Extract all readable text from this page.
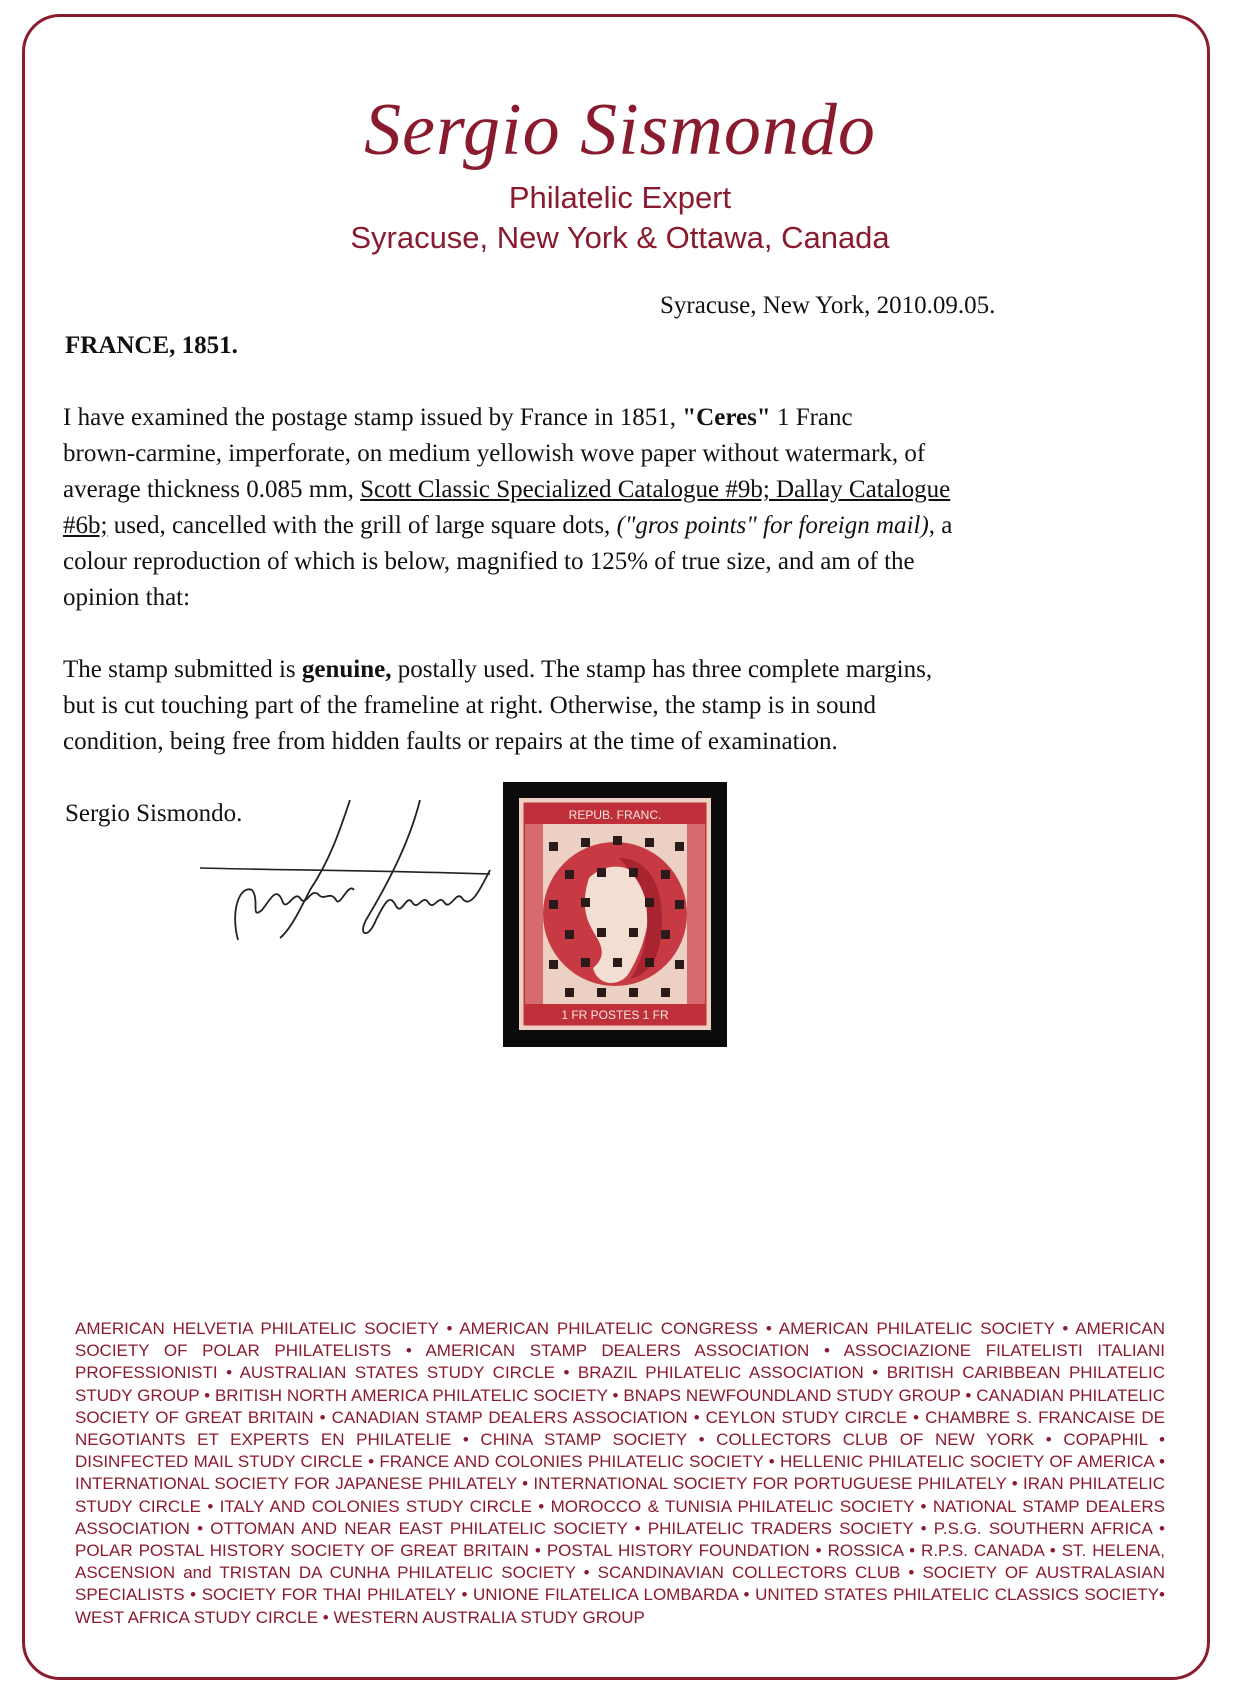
Sergio Sismondo
Philatelic Expert
Syracuse, New York & Ottawa, Canada
Syracuse, New York, 2010.09.05.
FRANCE, 1851.
I have examined the postage stamp issued by France in 1851, "Ceres" 1 Franc
brown-carmine, imperforate, on medium yellowish wove paper without watermark, of
average thickness 0.085 mm, Scott Classic Specialized Catalogue #9b; Dallay Catalogue
#6b; used, cancelled with the grill of large square dots, ("gros points" for foreign mail), a
colour reproduction of which is below, magnified to 125% of true size, and am of the
opinion that:
The stamp submitted is genuine, postally used. The stamp has three complete margins,
but is cut touching part of the frameline at right. Otherwise, the stamp is in sound
condition, being free from hidden faults or repairs at the time of examination.
Sergio Sismondo.	REPUB. FRANC.
1 FR POSTES 1 FR
AMERICAN HELVETIA PHILATELIC SOCIETY • AMERICAN PHILATELIC CONGRESS • AMERICAN PHILATELIC SOCIETY • AMERICAN SOCIETY OF POLAR PHILATELISTS • AMERICAN STAMP DEALERS ASSOCIATION • ASSOCIAZIONE FILATELISTI ITALIANI PROFESSIONISTI • AUSTRALIAN STATES STUDY CIRCLE • BRAZIL PHILATELIC ASSOCIATION • BRITISH CARIBBEAN PHILATELIC STUDY GROUP • BRITISH NORTH AMERICA PHILATELIC SOCIETY • BNAPS NEWFOUNDLAND STUDY GROUP • CANADIAN PHILATELIC SOCIETY OF GREAT BRITAIN • CANADIAN STAMP DEALERS ASSOCIATION • CEYLON STUDY CIRCLE • CHAMBRE S. FRANCAISE DE NEGOTIANTS ET EXPERTS EN PHILATELIE • CHINA STAMP SOCIETY • COLLECTORS CLUB OF NEW YORK • COPAPHIL • DISINFECTED MAIL STUDY CIRCLE • FRANCE AND COLONIES PHILATELIC SOCIETY • HELLENIC PHILATELIC SOCIETY OF AMERICA • INTERNATIONAL SOCIETY FOR JAPANESE PHILATELY • INTERNATIONAL SOCIETY FOR PORTUGUESE PHILATELY • IRAN PHILATELIC STUDY CIRCLE • ITALY AND COLONIES STUDY CIRCLE • MOROCCO & TUNISIA PHILATELIC SOCIETY • NATIONAL STAMP DEALERS ASSOCIATION • OTTOMAN AND NEAR EAST PHILATELIC SOCIETY • PHILATELIC TRADERS SOCIETY • P.S.G. SOUTHERN AFRICA • POLAR POSTAL HISTORY SOCIETY OF GREAT BRITAIN • POSTAL HISTORY FOUNDATION • ROSSICA • R.P.S. CANADA • ST. HELENA, ASCENSION and TRISTAN DA CUNHA PHILATELIC SOCIETY • SCANDINAVIAN COLLECTORS CLUB • SOCIETY OF AUSTRALASIAN SPECIALISTS • SOCIETY FOR THAI PHILATELY • UNIONE FILATELICA LOMBARDA • UNITED STATES PHILATELIC CLASSICS SOCIETY• WEST AFRICA STUDY CIRCLE • WESTERN AUSTRALIA STUDY GROUP
